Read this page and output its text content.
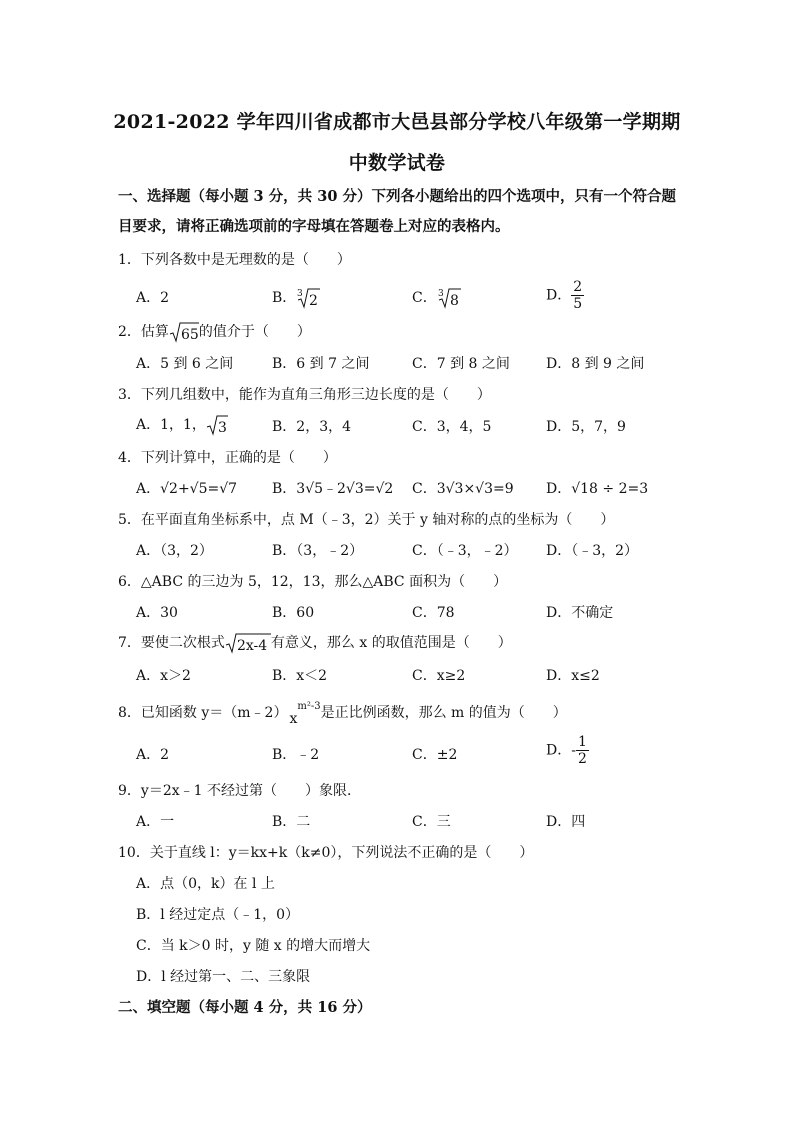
2021-2022 学年四川省成都市大邑县部分学校八年级第一学期期
中数学试卷
一、选择题（每小题 3 分，共 30 分）下列各小题给出的四个选项中，只有一个符合题目要求，请将正确选项前的字母填在答题卷上对应的表格内。
1．下列各数中是无理数的是（　　）
A．2	B． 3 2	C． 3 8	D． $\frac{2}{5}$
2．估算 65 的值介于（　　）
A．5 到 6 之间	B．6 到 7 之间	C．7 到 8 之间	D．8 到 9 之间
3．下列几组数中，能作为直角三角形三边长度的是（　　）
A．1，1， 3	B．2，3，4	C．3，4，5	D．5，7，9
4．下列计算中，正确的是（　　）
A．√2+√5=√7 B．3√5﹣2√3=√2 C．3√3×√3=9 D．√18 ÷ 2=3
5．在平面直角坐标系中，点 M（﹣3，2）关于 y 轴对称的点的坐标为（　　）
A．（3，2）	B．（3，﹣2）	C．（﹣3，﹣2） D．（﹣3，2）
6．△ABC 的三边为 5，12，13，那么△ABC 面积为（　　）
A．30	B．60	C．78	D．不确定
7．要使二次根式 2x-4 有意义，那么 x 的取值范围是（　　）
A．x＞2	B．x＜2	C．x≥2	D．x≤2
8．已知函数 y＝（m﹣2） $x^{m^2-3}$是正比例函数，那么 m 的值为（　　）
A．2	B．﹣2	C．±2	D．- $\frac{1}{2}$
9．y＝2x﹣1 不经过第（　　）象限．
A．一	B．二	C．三	D．四
10．关于直线 l：y＝kx+k（k≠0），下列说法不正确的是（　　）
A．点（0，k）在 l 上
B．l 经过定点（﹣1，0）
C．当 k＞0 时，y 随 x 的增大而增大
D．l 经过第一、二、三象限
二、填空题（每小题 4 分，共 16 分）
